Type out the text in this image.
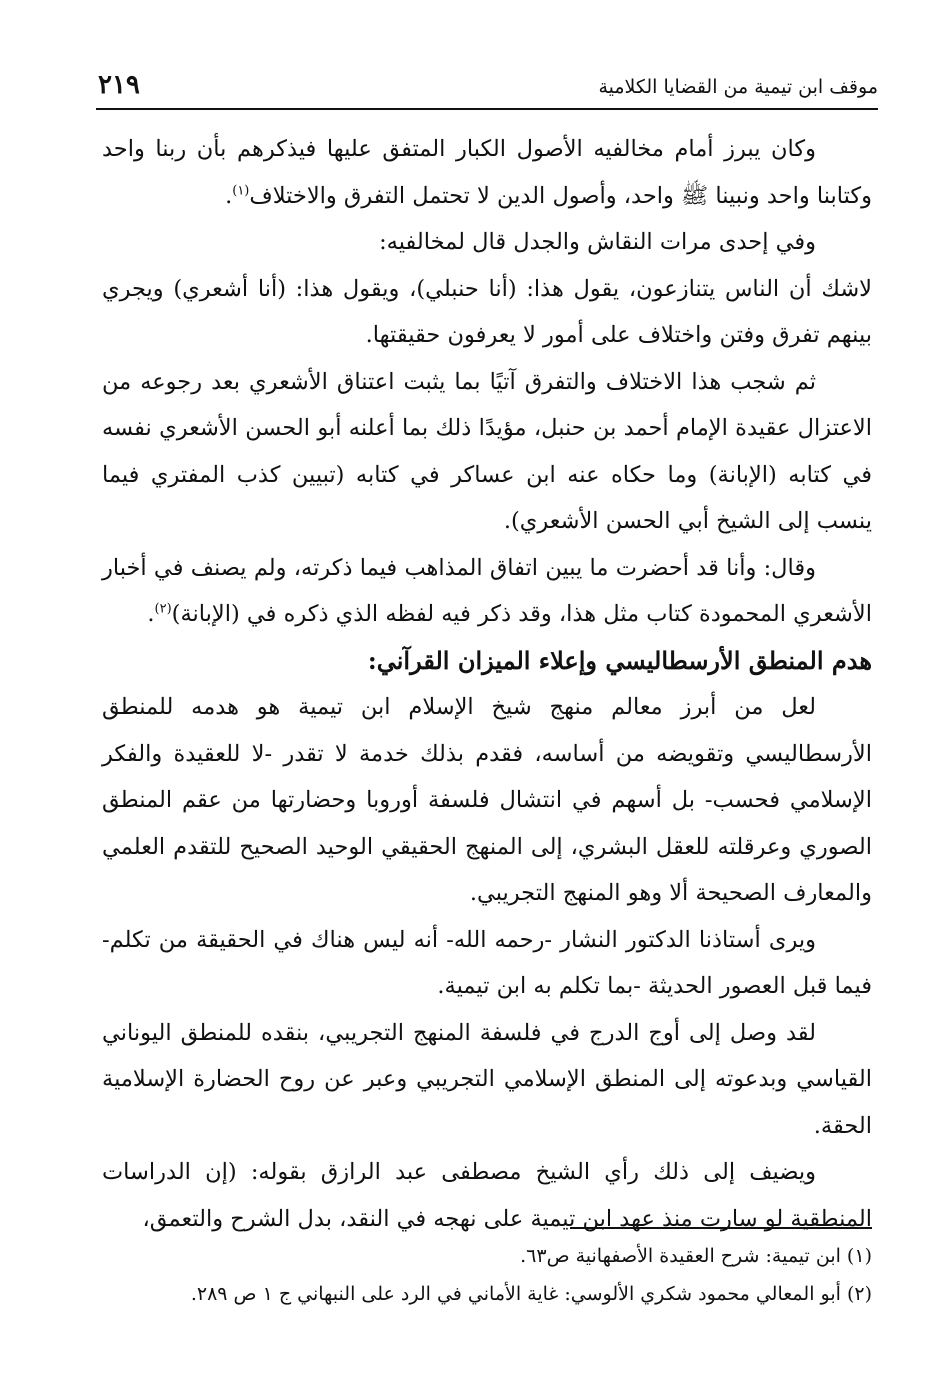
موقف ابن تيمية من القضايا الكلامية
٢١٩

وكان يبرز أمام مخالفيه الأصول الكبار المتفق عليها فيذكرهم بأن ربنا واحد وكتابنا واحد ونبينا ﷺ واحد، وأصول الدين لا تحتمل التفرق والاختلاف$^{(١)}$.

وفي إحدى مرات النقاش والجدل قال لمخالفيه:

لاشك أن الناس يتنازعون، يقول هذا: (أنا حنبلي)، ويقول هذا: (أنا أشعري) ويجري بينهم تفرق وفتن واختلاف على أمور لا يعرفون حقيقتها.

ثم شجب هذا الاختلاف والتفرق آتيًا بما يثبت اعتناق الأشعري بعد رجوعه من الاعتزال عقيدة الإمام أحمد بن حنبل، مؤيدًا ذلك بما أعلنه أبو الحسن الأشعري نفسه في كتابه (الإبانة) وما حكاه عنه ابن عساكر في كتابه (تبيين كذب المفتري فيما ينسب إلى الشيخ أبي الحسن الأشعري).

وقال: وأنا قد أحضرت ما يبين اتفاق المذاهب فيما ذكرته، ولم يصنف في أخبار الأشعري المحمودة كتاب مثل هذا، وقد ذكر فيه لفظه الذي ذكره في (الإبانة)$^{(٢)}$.

هدم المنطق الأرسطاليسي وإعلاء الميزان القرآني:

لعل من أبرز معالم منهج شيخ الإسلام ابن تيمية هو هدمه للمنطق الأرسطاليسي وتقويضه من أساسه، فقدم بذلك خدمة لا تقدر -لا للعقيدة والفكر الإسلامي فحسب- بل أسهم في انتشال فلسفة أوروبا وحضارتها من عقم المنطق الصوري وعرقلته للعقل البشري، إلى المنهج الحقيقي الوحيد الصحيح للتقدم العلمي والمعارف الصحيحة ألا وهو المنهج التجريبي.

ويرى أستاذنا الدكتور النشار -رحمه الله- أنه ليس هناك في الحقيقة من تكلم- فيما قبل العصور الحديثة -بما تكلم به ابن تيمية.

لقد وصل إلى أوج الدرج في فلسفة المنهج التجريبي، بنقده للمنطق اليوناني القياسي وبدعوته إلى المنطق الإسلامي التجريبي وعبر عن روح الحضارة الإسلامية الحقة.

ويضيف إلى ذلك رأي الشيخ مصطفى عبد الرازق بقوله: (إن الدراسات المنطقية لو سارت منذ عهد ابن تيمية على نهجه في النقد، بدل الشرح والتعمق،

(١) ابن تيمية: شرح العقيدة الأصفهانية ص٦٣.

(٢) أبو المعالي محمود شكري الألوسي: غاية الأماني في الرد على النبهاني ج ١ ص ٢٨٩.
